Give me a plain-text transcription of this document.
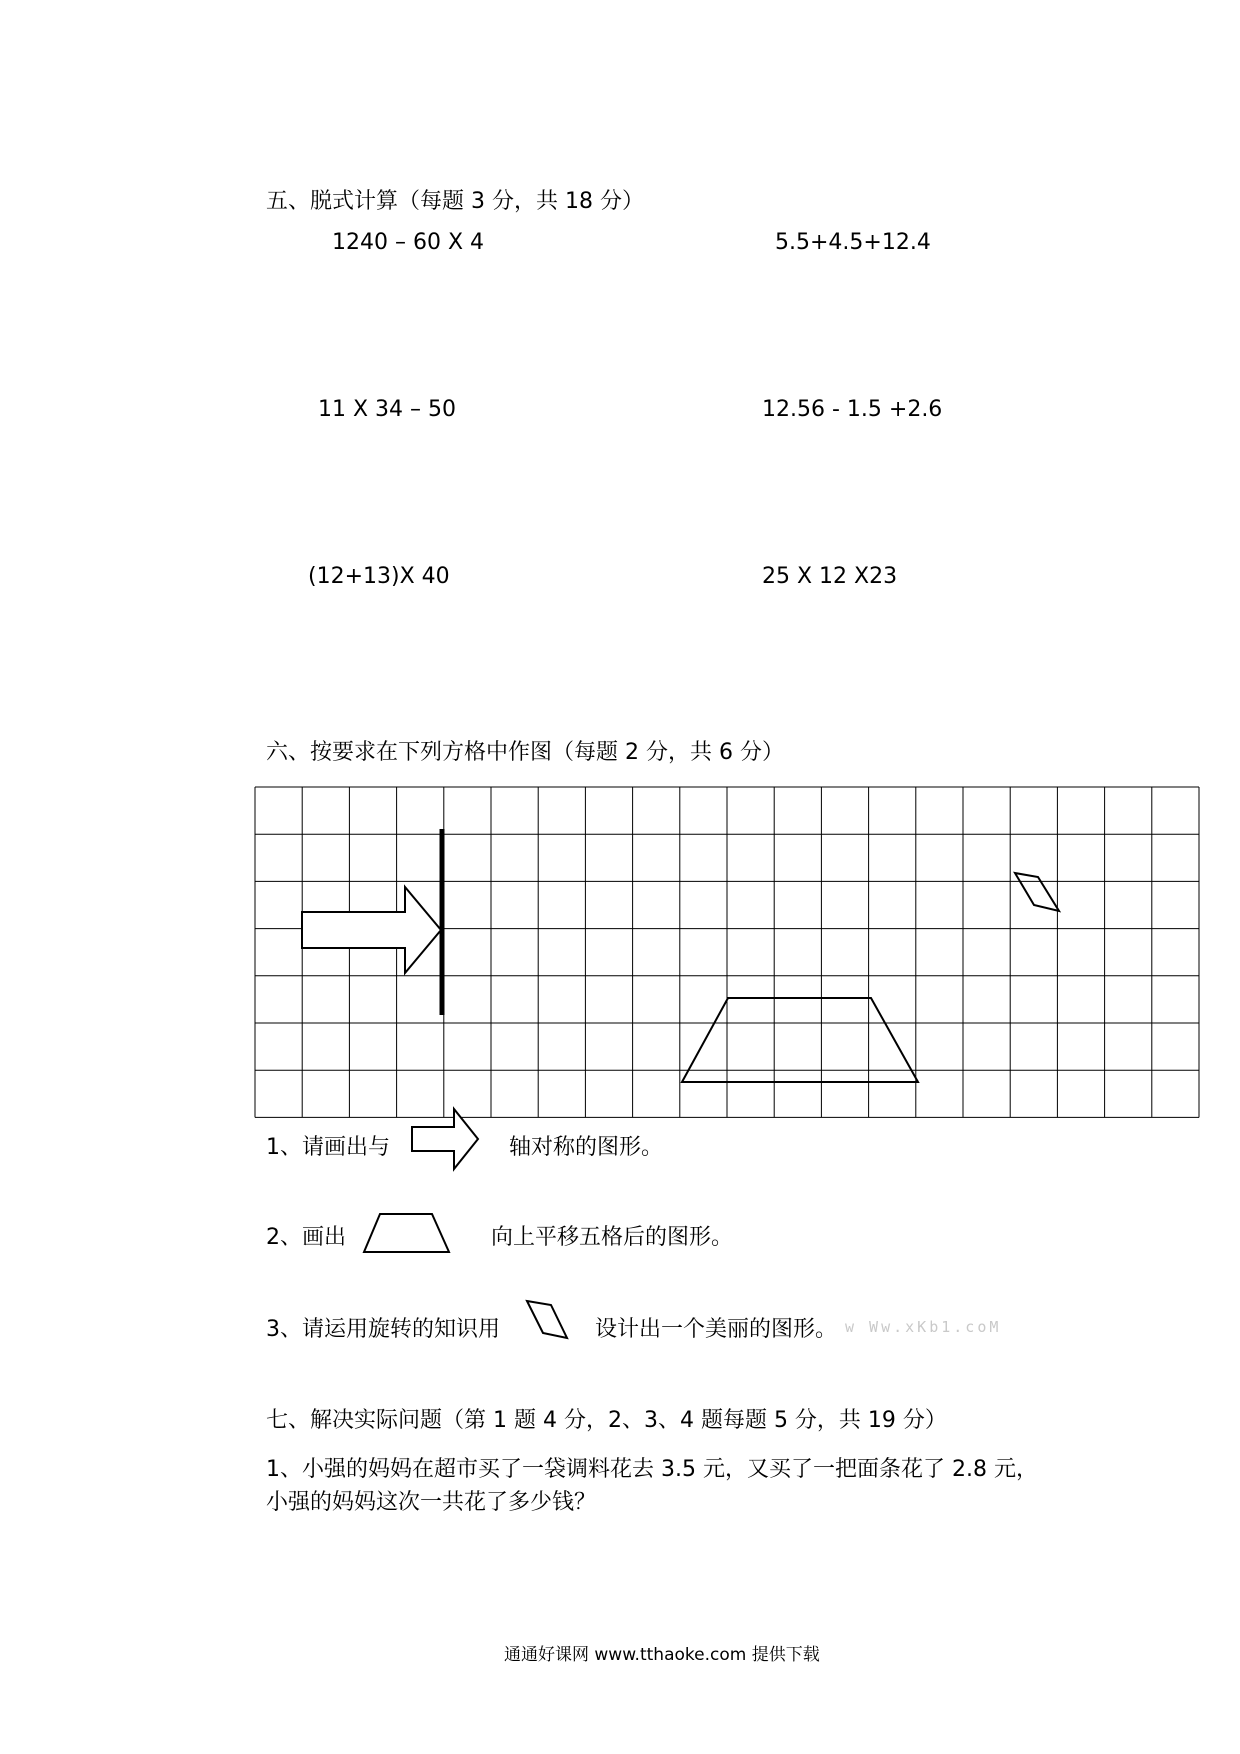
五、脱式计算（每题 3 分，共 18 分）
1240 – 60 X 4	5.5+4.5+12.4
11 X 34 – 50	12.56 - 1.5 +2.6
(12+13)X 40	25 X 12 X23
六、按要求在下列方格中作图（每题 2 分，共 6 分）
1、请画出与	轴对称的图形。
2、画出	向上平移五格后的图形。
3、请运用旋转的知识用	设计出一个美丽的图形。 w Ww.xKb1.coM
七、解决实际问题（第 1 题 4 分，2、3、4 题每题 5 分，共 19 分）
1、小强的妈妈在超市买了一袋调料花去 3.5 元，又买了一把面条花了 2.8 元，
小强的妈妈这次一共花了多少钱？
通通好课网 www.tthaoke.com 提供下载
